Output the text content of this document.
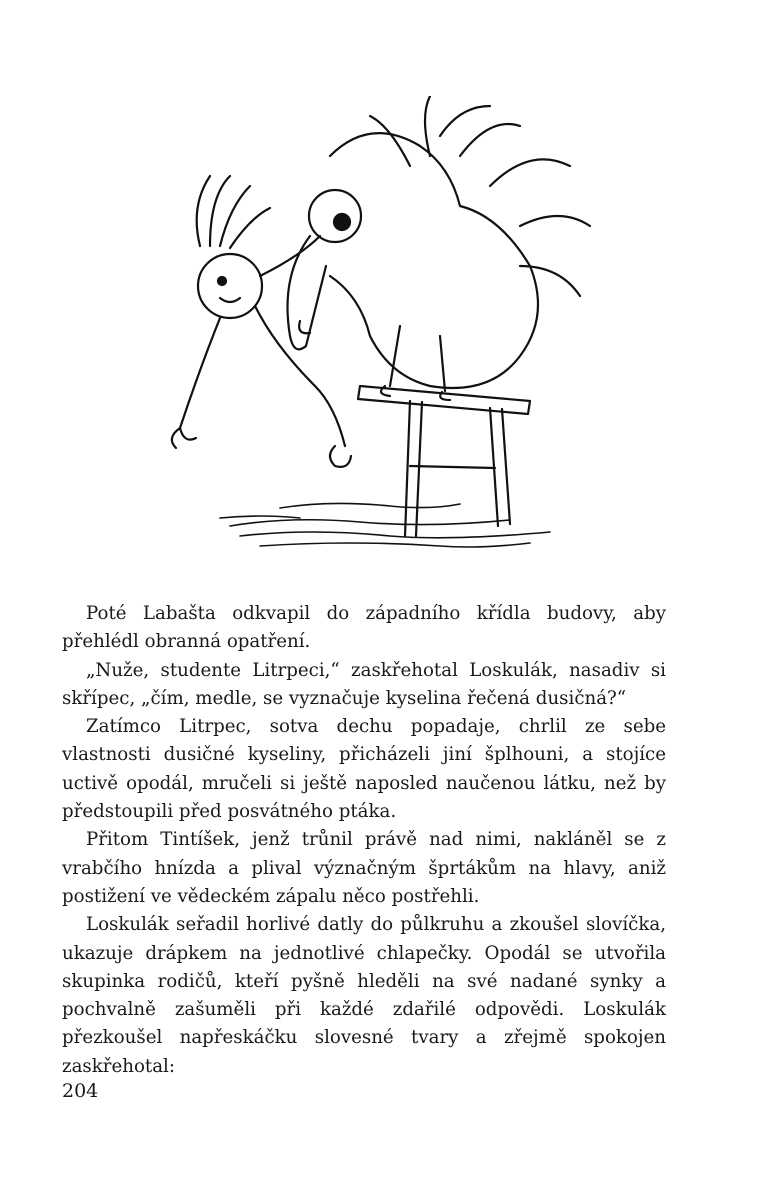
Poté Labašta odkvapil do západního křídla budovy, aby přehlédl obranná opatření.

„Nuže, studente Litrpeci,“ zaskřehotal Loskulák, nasadiv si skřípec, „čím, medle, se vyznačuje kyselina řečená dusičná?“

Zatímco Litrpec, sotva dechu popadaje, chrlil ze sebe vlastnosti dusičné kyseliny, přicházeli jiní šplhouni, a stojíce uctivě opodál, mručeli si ještě naposled naučenou látku, než by předstoupili před posvátného ptáka.

Přitom Tintíšek, jenž trůnil právě nad nimi, nakláněl se z vrabčího hnízda a plival význačným šprtákům na hlavy, aniž postižení ve vědeckém zápalu něco postřehli.

Loskulák seřadil horlivé datly do půlkruhu a zkoušel slovíčka, ukazuje drápkem na jednotlivé chlapečky. Opodál se utvořila skupinka rodičů, kteří pyšně hleděli na své nadané synky a pochvalně zašuměli při každé zdařilé odpovědi. Loskulák přezkoušel napřeskáčku slovesné tvary a zřejmě spokojen zaskřehotal:

204
